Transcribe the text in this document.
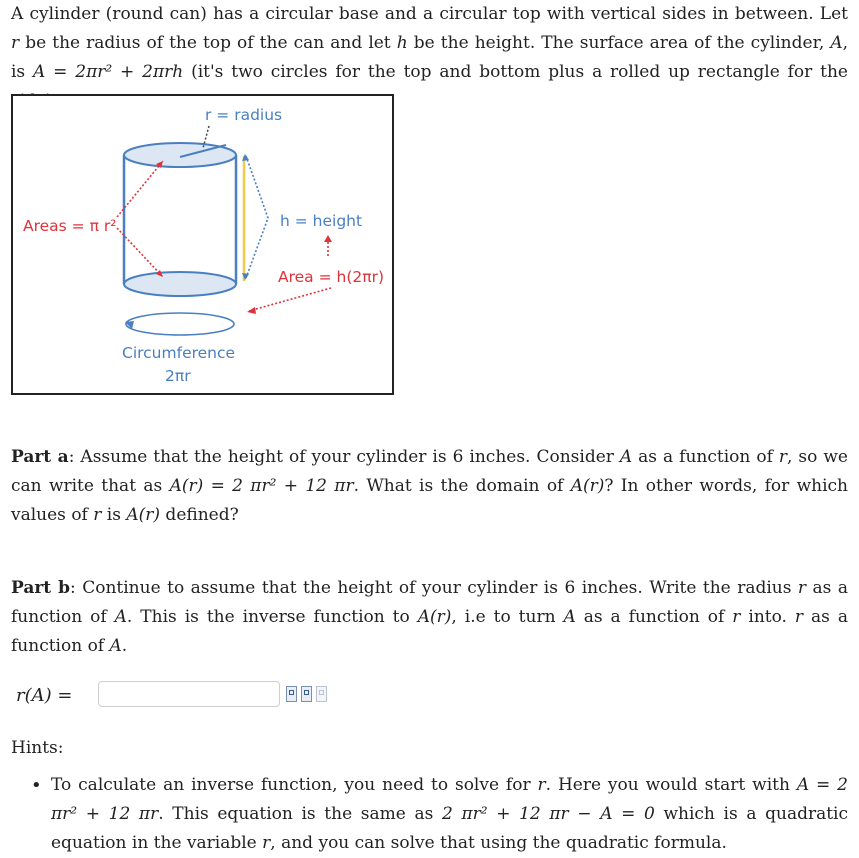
A cylinder (round can) has a circular base and a circular top with vertical sides in between. Let r be the radius of the top of the can and let h be the height. The surface area of the cylinder, A, is A = 2πr² + 2πrh (it's two circles for the top and bottom plus a rolled up rectangle for the
r = radius
Areas = π r²	h = height
Area = h(2πr)
Circumference
2πr
Part a: Assume that the height of your cylinder is 6 inches. Consider A as a function of r, so we can write that as A(r) = 2 πr² + 12 πr. What is the domain of A(r)? In other words, for which values of r is A(r) defined?
Part b: Continue to assume that the height of your cylinder is 6 inches. Write the radius r as a function of A. This is the inverse function to A(r), i.e to turn A as a function of r into. r as a function of A.
r(A) =
Hints:
• To calculate an inverse function, you need to solve for r. Here you would start with A = 2 πr² + 12 πr. This equation is the same as 2 πr² + 12 πr − A = 0 which is a quadratic equation in the variable r, and you can solve that using the quadratic formula.
